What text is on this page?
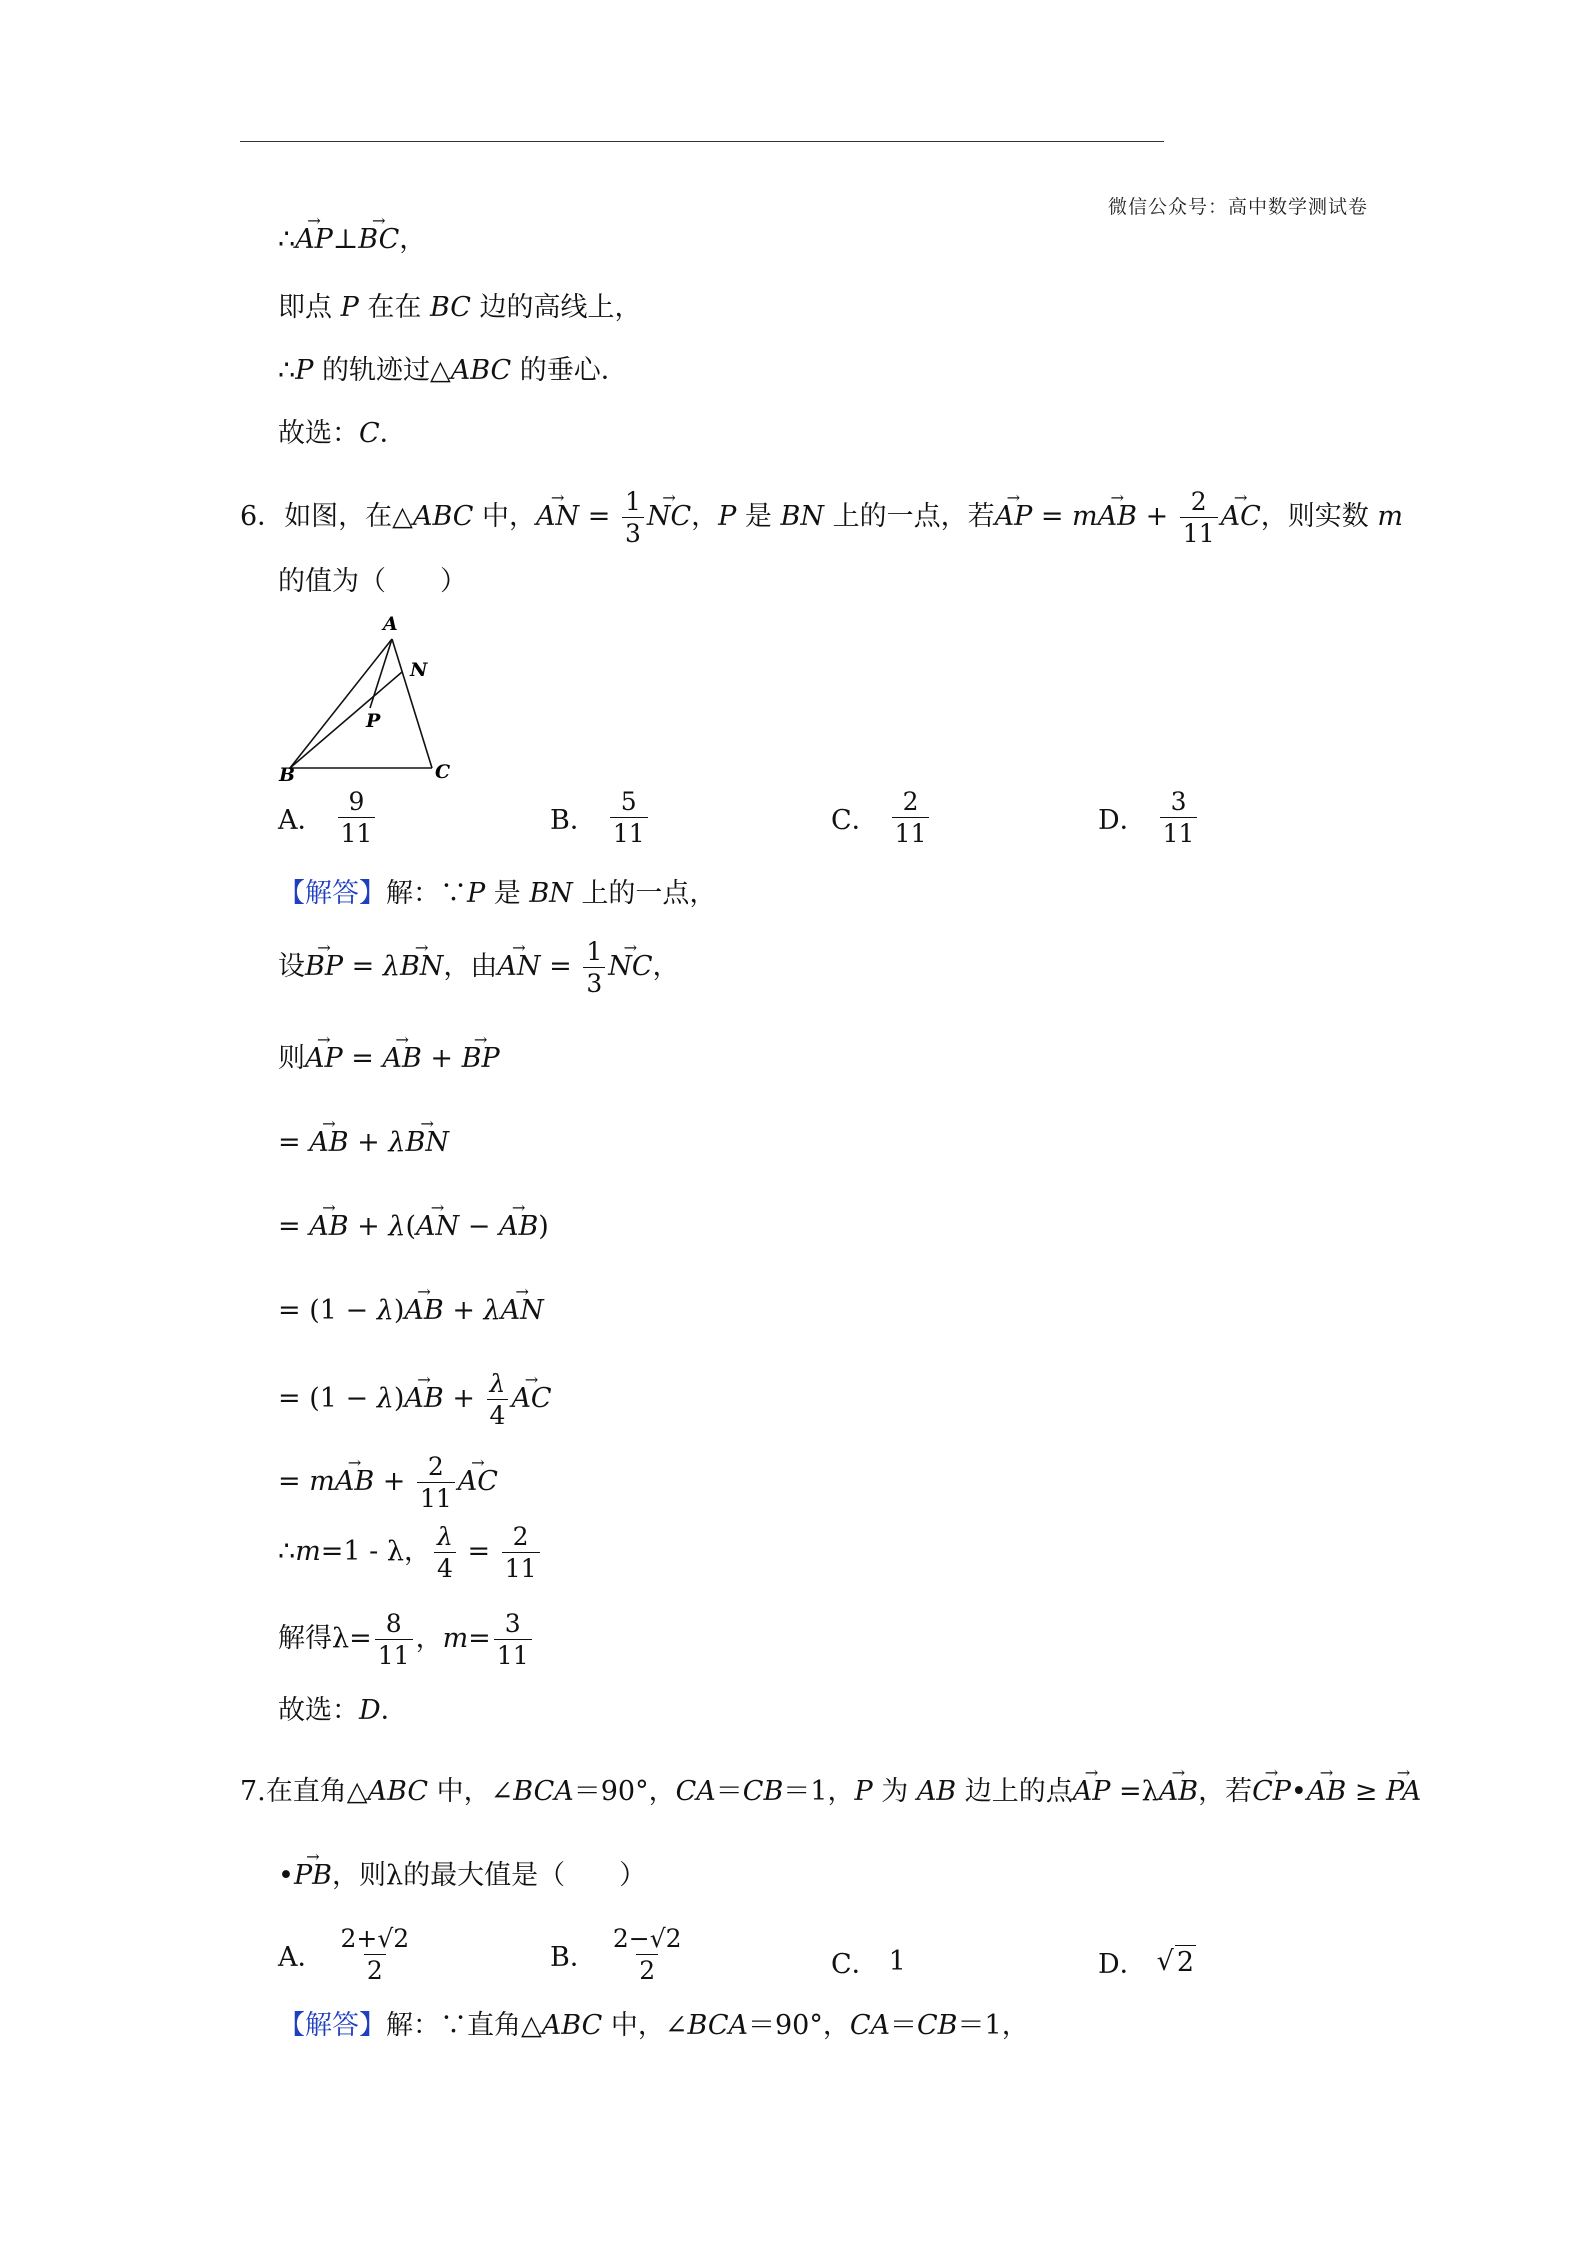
微信公众号：高中数学测试卷
∴→ AP⊥→ BC，
即点 P 在在 BC 边的高线上，
∴P 的轨迹过△ABC 的垂心．
故选：C．
6．如图，在△ABC 中，→ AN = $\frac{1}{3}$ → NC，P 是 BN 上的一点，若→ AP = m→ AB + $\frac{2}{11}$ → AC，则实数 m
的值为（　　）
A
N
P
B	C
A． $\frac{9}{11}$	B． $\frac{5}{11}$	C． $\frac{2}{11}$	D． $\frac{3}{11}$
【解答】解：∵P 是 BN 上的一点，
设→ BP = λ→ BN，由→ AN = $\frac{1}{3}$ → NC，
则→ AP = → AB + → BP
= → AB + λ→ BN
= → AB + λ(→ AN − → AB)
= (1 − λ)→ AB + λ→ AN
= (1 − λ)→ AB + $\frac{\lambda}{4}$ → AC
= m→ AB + $\frac{2}{11}$ → AC
∴m=1 - λ， $\frac{\lambda}{4} = \frac{2}{11}$
解得$\lambda= \frac{8}{11}$ ，$m= \frac{3}{11}$
故选：D．
7.在直角△ABC 中，∠BCA＝90°，CA＝CB＝1，P 为 AB 边上的点→ AP =λ→ AB，若→ CP•→ AB ≥ → PA
•→ PB，则λ的最大值是（　　）
A． $\frac{2+√2}{2}$	B． $\frac{2-√2}{2}$	C． 1	D． √ 2
【解答】解：∵直角△ABC 中，∠BCA＝90°，CA＝CB＝1，
